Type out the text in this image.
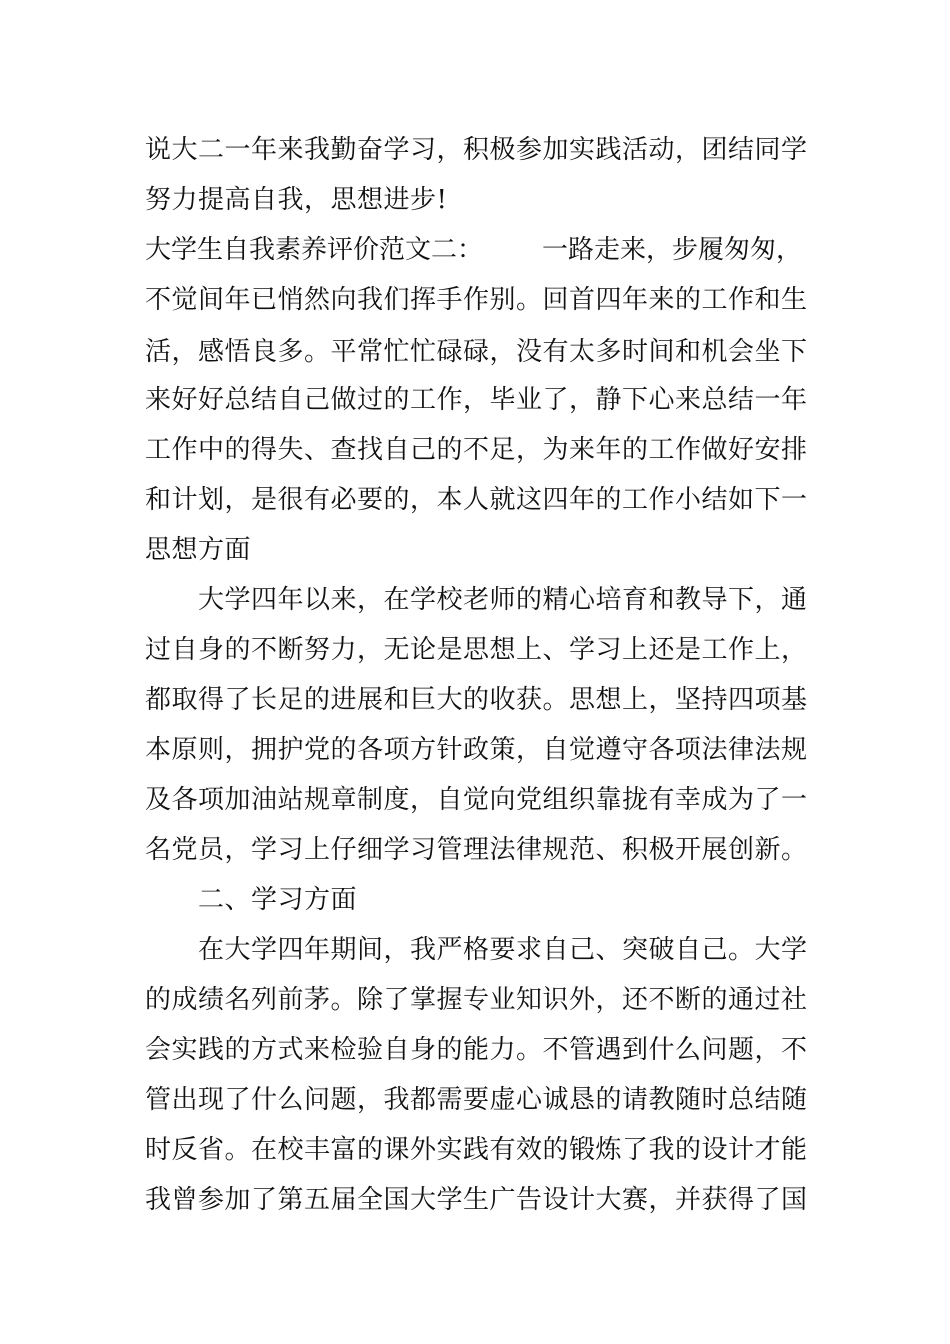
说大二一年来我勤奋学习，积极参加实践活动，团结同学
努力提高自我，思想进步!
大学生自我素养评价范文二： 一路走来，步履匆匆，
不觉间年已悄然向我们挥手作别。回首四年来的工作和生
活，感悟良多。平常忙忙碌碌，没有太多时间和机会坐下
来好好总结自己做过的工作，毕业了，静下心来总结一年
工作中的得失、查找自己的不足，为来年的工作做好安排
和计划，是很有必要的，本人就这四年的工作小结如下一
思想方面
大学四年以来，在学校老师的精心培育和教导下，通
过自身的不断努力，无论是思想上、学习上还是工作上，
都取得了长足的进展和巨大的收获。思想上，坚持四项基
本原则，拥护党的各项方针政策，自觉遵守各项法律法规
及各项加油站规章制度，自觉向党组织靠拢有幸成为了一
名党员，学习上仔细学习管理法律规范、积极开展创新。
二、学习方面
在大学四年期间，我严格要求自己、突破自己。大学
的成绩名列前茅。除了掌握专业知识外，还不断的通过社
会实践的方式来检验自身的能力。不管遇到什么问题，不
管出现了什么问题，我都需要虚心诚恳的请教随时总结随
时反省。在校丰富的课外实践有效的锻炼了我的设计才能
我曾参加了第五届全国大学生广告设计大赛，并获得了国
